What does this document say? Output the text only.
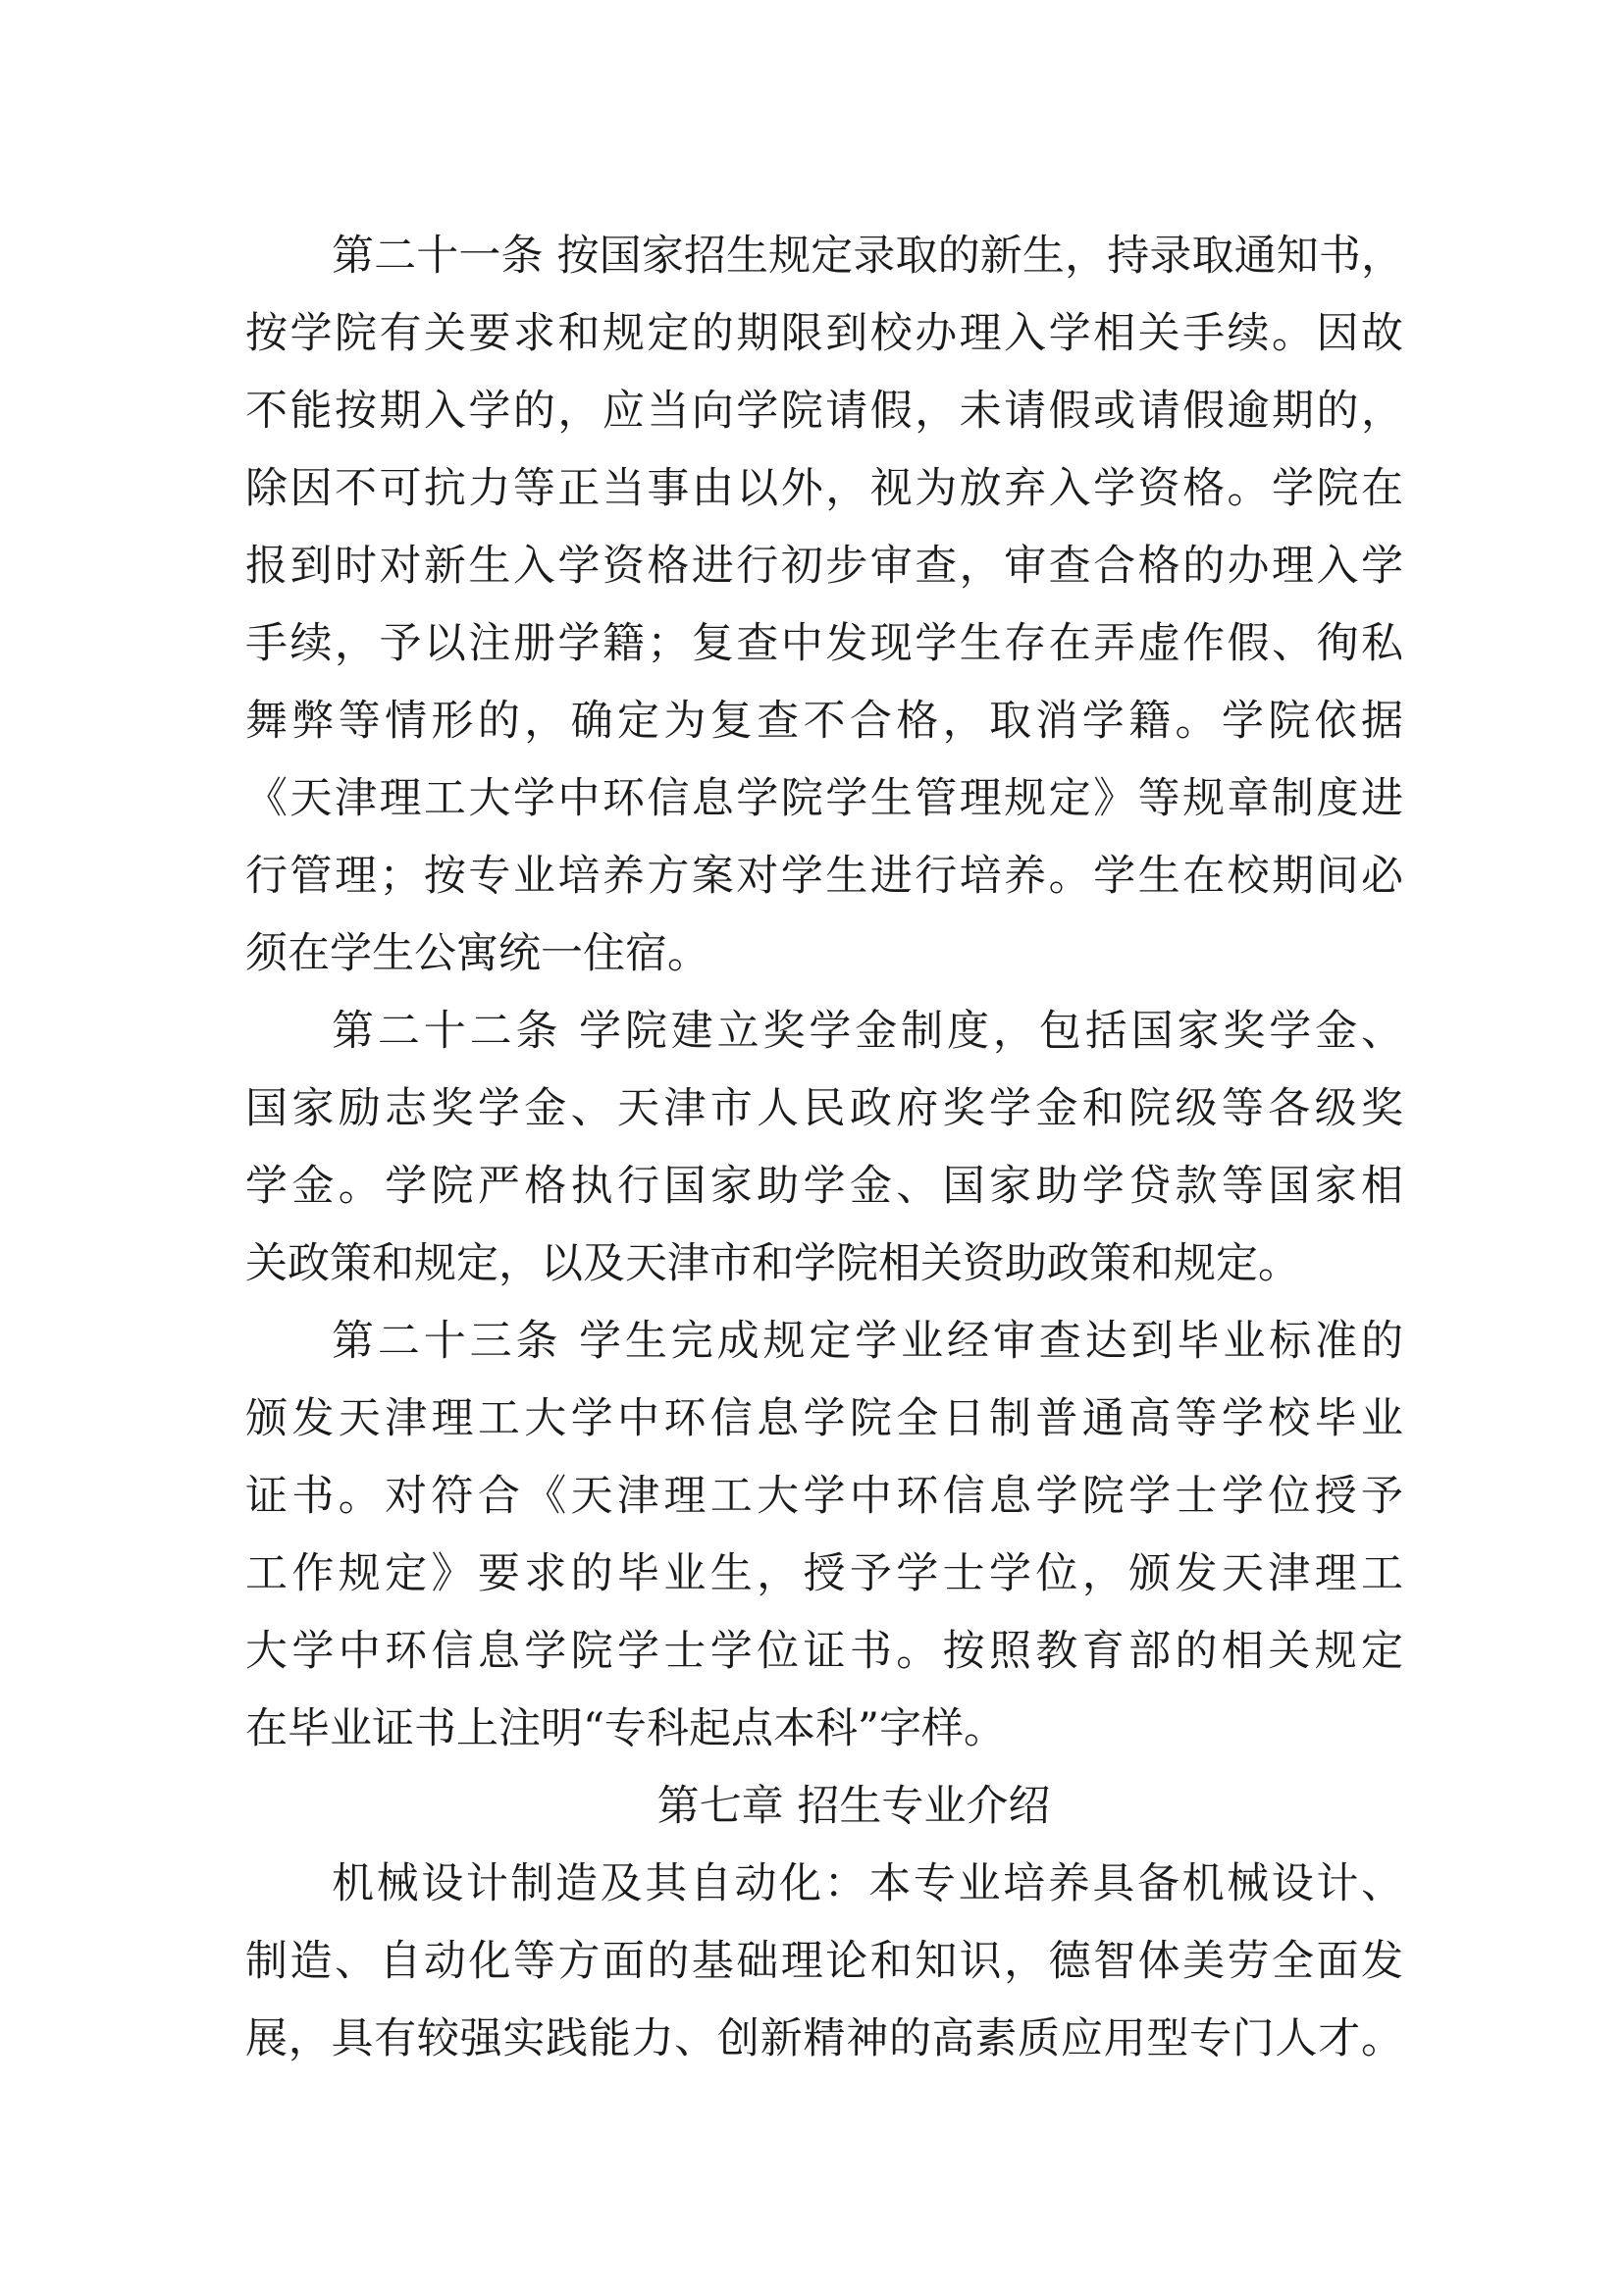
第二十一条 按国家招生规定录取的新生，持录取通知书，
按学院有关要求和规定的期限到校办理入学相关手续。因故
不能按期入学的，应当向学院请假，未请假或请假逾期的，
除因不可抗力等正当事由以外，视为放弃入学资格。学院在
报到时对新生入学资格进行初步审查，审查合格的办理入学
手续，予以注册学籍；复查中发现学生存在弄虚作假、徇私
舞弊等情形的，确定为复查不合格，取消学籍。学院依据
《天津理工大学中环信息学院学生管理规定》等规章制度进
行管理；按专业培养方案对学生进行培养。学生在校期间必
须在学生公寓统一住宿。
第二十二条 学院建立奖学金制度，包括国家奖学金、
国家励志奖学金、天津市人民政府奖学金和院级等各级奖
学金。学院严格执行国家助学金、国家助学贷款等国家相
关政策和规定，以及天津市和学院相关资助政策和规定。
第二十三条 学生完成规定学业经审查达到毕业标准的
颁发天津理工大学中环信息学院全日制普通高等学校毕业
证书。对符合《天津理工大学中环信息学院学士学位授予
工作规定》要求的毕业生，授予学士学位，颁发天津理工
大学中环信息学院学士学位证书。按照教育部的相关规定
在毕业证书上注明“专科起点本科”字样。
第七章 招生专业介绍
机械设计制造及其自动化：本专业培养具备机械设计、
制造、自动化等方面的基础理论和知识，德智体美劳全面发
展，具有较强实践能力、创新精神的高素质应用型专门人才。
